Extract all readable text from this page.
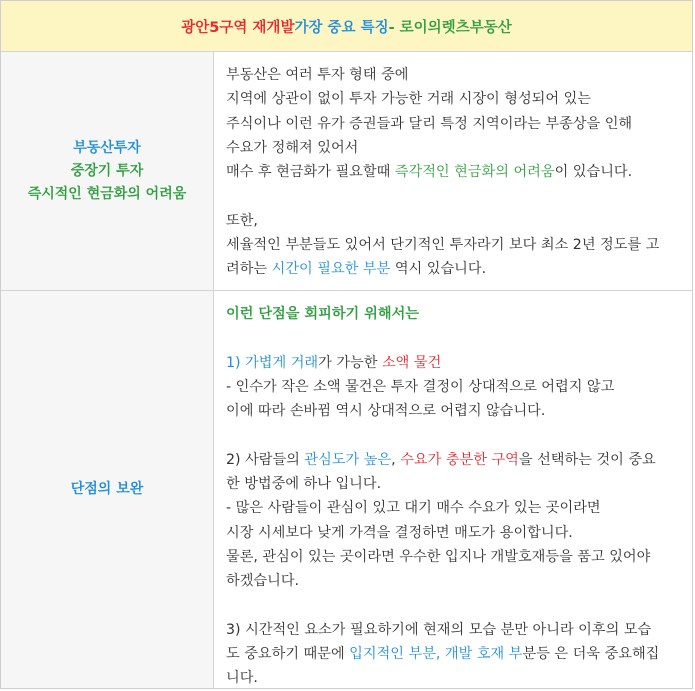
광안5구역 재개발 가장 중요 특징 - 로이의렛츠부동산
부동산투자
중장기 투자
즉시적인 현금화의 어려움
부동산은 여러 투자 형태 중에
지역에 상관이 없이 투자 가능한 거래 시장이 형성되어 있는
주식이나 이런 유가 증권들과 달리 특정 지역이라는 부종상을 인해
수요가 정해져 있어서
매수 후 현금화가 필요할때 즉각적인 현금화의 어려움이 있습니다.
또한,
세율적인 부분들도 있어서 단기적인 투자라기 보다 최소 2년 정도를 고
려하는 시간이 필요한 부분 역시 있습니다.
단점의 보완
이런 단점을 회피하기 위해서는
1) 가볍게 거래가 가능한 소액 물건
- 인수가 작은 소액 물건은 투자 결정이 상대적으로 어렵지 않고
이에 따라 손바뀜 역시 상대적으로 어렵지 않습니다.
2) 사람들의 관심도가 높은, 수요가 충분한 구역을 선택하는 것이 중요
한 방법중에 하나 입니다.
- 많은 사람들이 관심이 있고 대기 매수 수요가 있는 곳이라면
시장 시세보다 낮게 가격을 결정하면 매도가 용이합니다.
물론, 관심이 있는 곳이라면 우수한 입지나 개발호재등을 품고 있어야
하겠습니다.
3) 시간적인 요소가 필요하기에 현재의 모습 분만 아니라 이후의 모습
도 중요하기 때문에 입지적인 부분, 개발 호재 부분등 은 더욱 중요해집
니다.
